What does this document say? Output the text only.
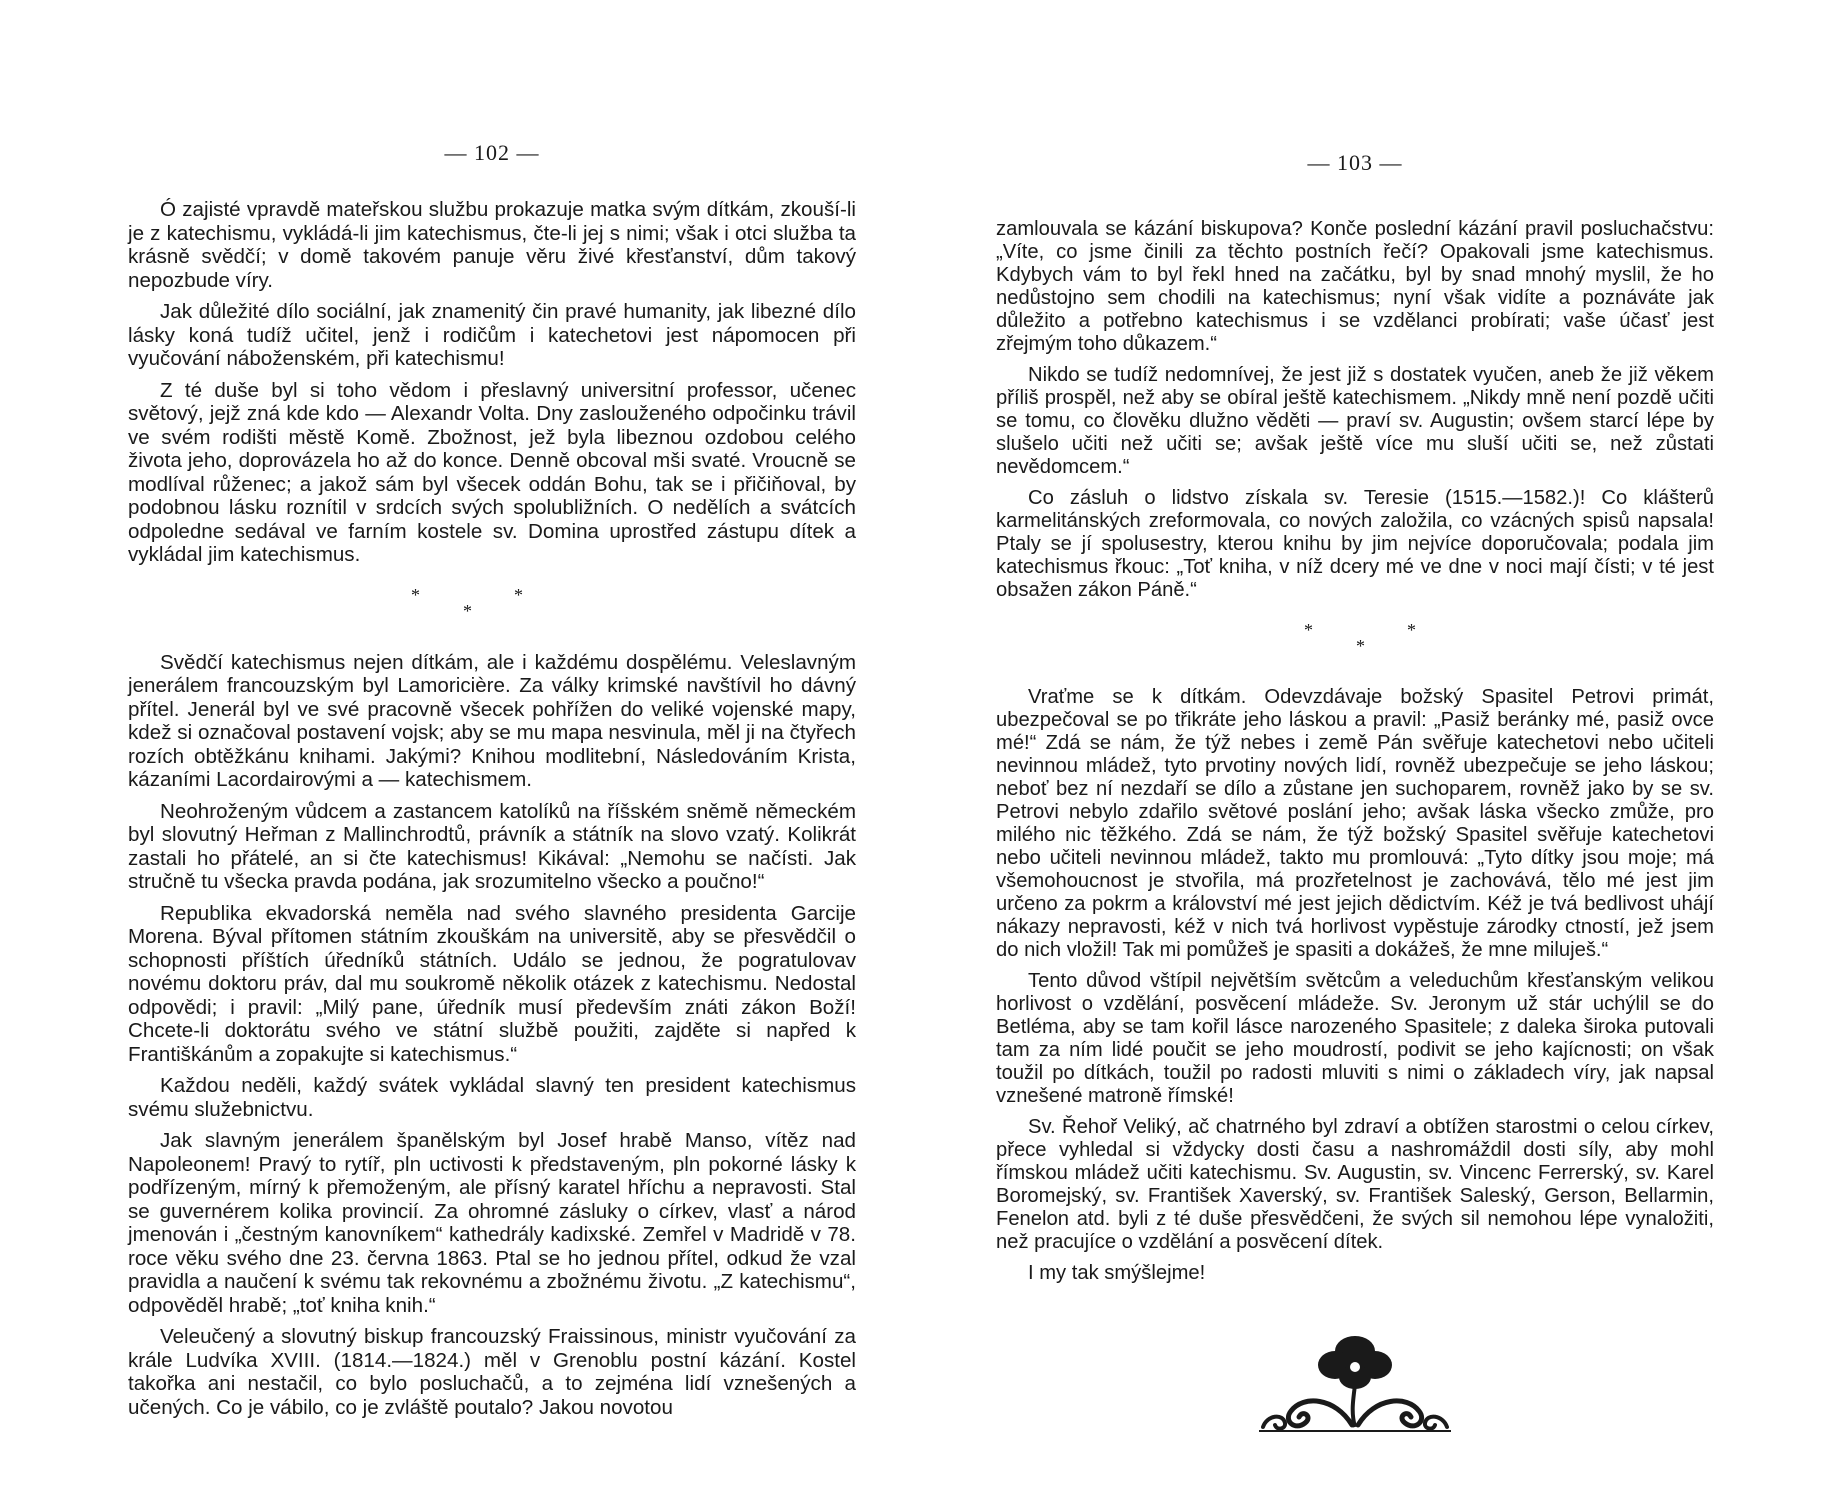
— 102 —

Ó zajisté vpravdě mateřskou službu prokazuje matka svým dítkám, zkouší-li je z katechismu, vykládá-li jim katechismus, čte-li jej s nimi; však i otci služba ta krásně svědčí; v domě takovém panuje věru živé křesťanství, dům takový nepozbude víry.

Jak důležité dílo sociální, jak znamenitý čin pravé humanity, jak libezné dílo lásky koná tudíž učitel, jenž i rodičům i katechetovi jest nápomocen při vyučování náboženském, při katechismu!

Z té duše byl si toho vědom i přeslavný universitní professor, učenec světový, jejž zná kde kdo — Alexandr Volta. Dny zaslouženého odpočinku trávil ve svém rodišti městě Komě. Zbožnost, jež byla libeznou ozdobou celého života jeho, doprovázela ho až do konce. Denně obcoval mši svaté. Vroucně se modlíval růženec; a jakož sám byl všecek oddán Bohu, tak se i přičiňoval, by podobnou lásku roznítil v srdcích svých spolubližních. O nedělích a svátcích odpoledne sedával ve farním kostele sv. Domina uprostřed zástupu dítek a vykládal jim katechismus.

*
*
*

Svědčí katechismus nejen dítkám, ale i každému dospělému. Veleslavným jenerálem francouzským byl Lamoricière. Za války krimské navštívil ho dávný přítel. Jenerál byl ve své pracovně všecek pohřížen do veliké vojenské mapy, kdež si označoval postavení vojsk; aby se mu mapa nesvinula, měl ji na čtyřech rozích obtěžkánu knihami. Jakými? Knihou modlitební, Následováním Krista, kázaními Lacordairovými a — katechismem.

Neohroženým vůdcem a zastancem katolíků na říšském sněmě německém byl slovutný Heřman z Mallinchrodtů, právník a státník na slovo vzatý. Kolikrát zastali ho přátelé, an si čte katechismus! Kikával: „Nemohu se načísti. Jak stručně tu všecka pravda podána, jak srozumitelno všecko a poučno!“

Republika ekvadorská neměla nad svého slavného presidenta Garcije Morena. Býval přítomen státním zkouškám na universitě, aby se přesvědčil o schopnosti příštích úředníků státních. Událo se jednou, že pogratulovav novému doktoru práv, dal mu soukromě několik otázek z katechismu. Nedostal odpovědi; i pravil: „Milý pane, úředník musí především znáti zákon Boží! Chcete-li doktorátu svého ve státní službě použiti, zajděte si napřed k Františkánům a zopakujte si katechismus.“

Každou neděli, každý svátek vykládal slavný ten president katechismus svému služebnictvu.

Jak slavným jenerálem španělským byl Josef hrabě Manso, vítěz nad Napoleonem! Pravý to rytíř, pln uctivosti k představeným, pln pokorné lásky k podřízeným, mírný k přemoženým, ale přísný karatel hříchu a nepravosti. Stal se guvernérem kolika provincií. Za ohromné zásluky o církev, vlasť a národ jmenován i „čestným kanovníkem“ kathedrály kadixské. Zemřel v Madridě v 78. roce věku svého dne 23. června 1863. Ptal se ho jednou přítel, odkud že vzal pravidla a naučení k svému tak rekovnému a zbožnému životu. „Z katechismu“, odpověděl hrabě; „toť kniha knih.“

Veleučený a slovutný biskup francouzský Fraissinous, ministr vyučování za krále Ludvíka XVIII. (1814.—1824.) měl v Grenoblu postní kázání. Kostel takořka ani nestačil, co bylo posluchačů, a to zejména lidí vznešených a učených. Co je vábilo, co je zvláště poutalo? Jakou novotou

— 103 —

zamlouvala se kázání biskupova? Konče poslední kázání pravil posluchačstvu: „Víte, co jsme činili za těchto postních řečí? Opakovali jsme katechismus. Kdybych vám to byl řekl hned na začátku, byl by snad mnohý myslil, že ho nedůstojno sem chodili na katechismus; nyní však vidíte a poznáváte jak důležito a potřebno katechismus i se vzdělanci probírati; vaše účasť jest zřejmým toho důkazem.“

Nikdo se tudíž nedomnívej, že jest již s dostatek vyučen, aneb že již věkem příliš prospěl, než aby se obíral ještě katechismem. „Nikdy mně není pozdě učiti se tomu, co člověku dlužno věděti — praví sv. Augustin; ovšem starcí lépe by slušelo učiti než učiti se; avšak ještě více mu sluší učiti se, než zůstati nevědomcem.“

Co zásluh o lidstvo získala sv. Teresie (1515.—1582.)! Co klášterů karmelitánských zreformovala, co nových založila, co vzácných spisů napsala! Ptaly se jí spolusestry, kterou knihu by jim nejvíce doporučovala; podala jim katechismus řkouc: „Toť kniha, v níž dcery mé ve dne v noci mají čísti; v té jest obsažen zákon Páně.“

*
*
*

Vraťme se k dítkám. Odevzdávaje božský Spasitel Petrovi primát, ubezpečoval se po třikráte jeho láskou a pravil: „Pasiž beránky mé, pasiž ovce mé!“ Zdá se nám, že týž nebes i země Pán svěřuje katechetovi nebo učiteli nevinnou mládež, tyto prvotiny nových lidí, rovněž ubezpečuje se jeho láskou; neboť bez ní nezdaří se dílo a zůstane jen suchoparem, rovněž jako by se sv. Petrovi nebylo zdařilo světové poslání jeho; avšak láska všecko zmůže, pro milého nic těžkého. Zdá se nám, že týž božský Spasitel svěřuje katechetovi nebo učiteli nevinnou mládež, takto mu promlouvá: „Tyto dítky jsou moje; má všemohoucnost je stvořila, má prozřetelnost je zachovává, tělo mé jest jim určeno za pokrm a království mé jest jejich dědictvím. Kéž je tvá bedlivost uhájí nákazy nepravosti, kéž v nich tvá horlivost vypěstuje zárodky ctností, jež jsem do nich vložil! Tak mi pomůžeš je spasiti a dokážeš, že mne miluješ.“

Tento důvod vštípil největším světcům a veleduchům křesťanským velikou horlivost o vzdělání, posvěcení mládeže. Sv. Jeronym už stár uchýlil se do Betléma, aby se tam kořil lásce narozeného Spasitele; z daleka široka putovali tam za ním lidé poučit se jeho moudrostí, podivit se jeho kajícnosti; on však toužil po dítkách, toužil po radosti mluviti s nimi o základech víry, jak napsal vznešené matroně římské!

Sv. Řehoř Veliký, ač chatrného byl zdraví a obtížen starostmi o celou církev, přece vyhledal si vždycky dosti času a nashromáždil dosti síly, aby mohl římskou mládež učiti katechismu. Sv. Augustin, sv. Vincenc Ferrerský, sv. Karel Boromejský, sv. František Xaverský, sv. František Saleský, Gerson, Bellarmin, Fenelon atd. byli z té duše přesvědčeni, že svých sil nemohou lépe vynaložiti, než pracujíce o vzdělání a posvěcení dítek.

I my tak smýšlejme!
